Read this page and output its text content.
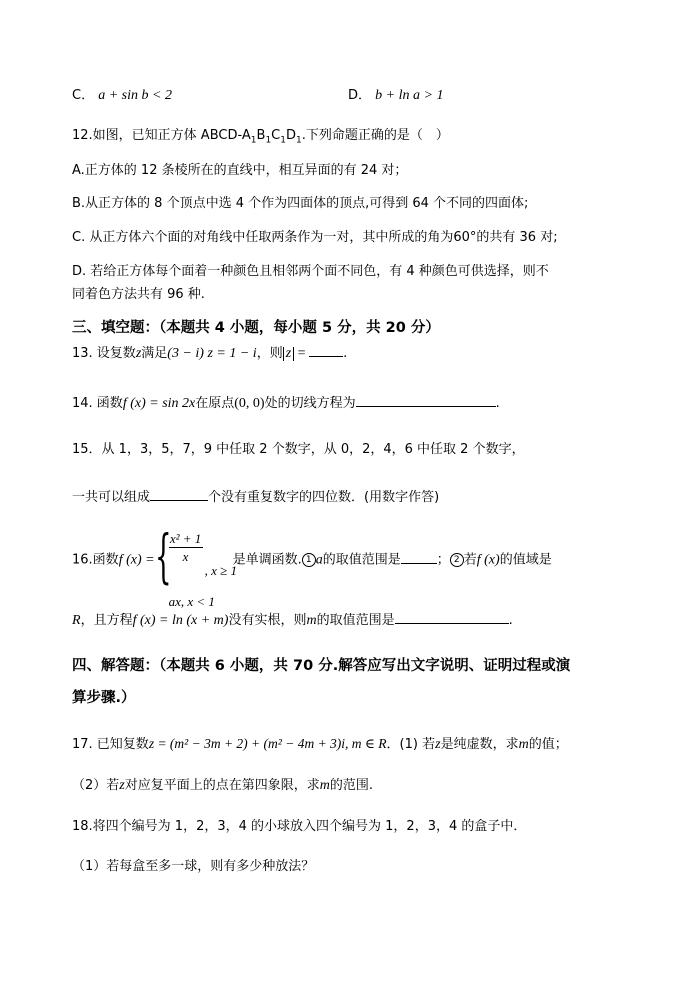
C． a + sin b < 2	D． b + ln a > 1
12.如图，已知正方体 ABCD-$A_1B_1C_1D_1$.下列命题正确的是（　）
A.正方体的 12 条棱所在的直线中，相互异面的有 24 对；
B.从正方体的 8 个顶点中选 4 个作为四面体的顶点,可得到 64 个不同的四面体;
C. 从正方体六个面的对角线中任取两条作为一对，其中所成的角为60°的共有 36 对;
D. 若给正方体每个面着一种颜色且相邻两个面不同色，有 4 种颜色可供选择，则不
同着色方法共有 96 种.
三、填空题：（本题共 4 小题，每小题 5 分，共 20 分）
13. 设复数z满足(3 − i) z = 1 − i，则 z =	.
14. 函数f (x) = sin 2x在原点(0, 0)处的切线方程为	.
15．从 1，3，5，7，9 中任取 2 个数字，从 0，2，4，6 中任取 2 个数字，
一共可以组成	个没有重复数字的四位数．(用数字作答)
16.函数f (x) = {
$\frac{\text{x² + 1}}{x}$
, x ≥ 1
ax, x < 1
是单调函数. 1 a的取值范围是	； 2 若f (x)的值域是
R，且方程f (x) = ln (x + m)没有实根，则m的取值范围是	.
四、解答题：（本题共 6 小题，共 70 分.解答应写出文字说明、证明过程或演
算步骤.）
17. 已知复数z = (m² − 3m + 2) + (m² − 4m + 3)i, m ∈ R．(1) 若z是纯虚数，求m的值；
（2）若z对应复平面上的点在第四象限，求m的范围.
18.将四个编号为 1，2，3，4 的小球放入四个编号为 1，2，3，4 的盒子中．
（1）若每盒至多一球，则有多少种放法？
